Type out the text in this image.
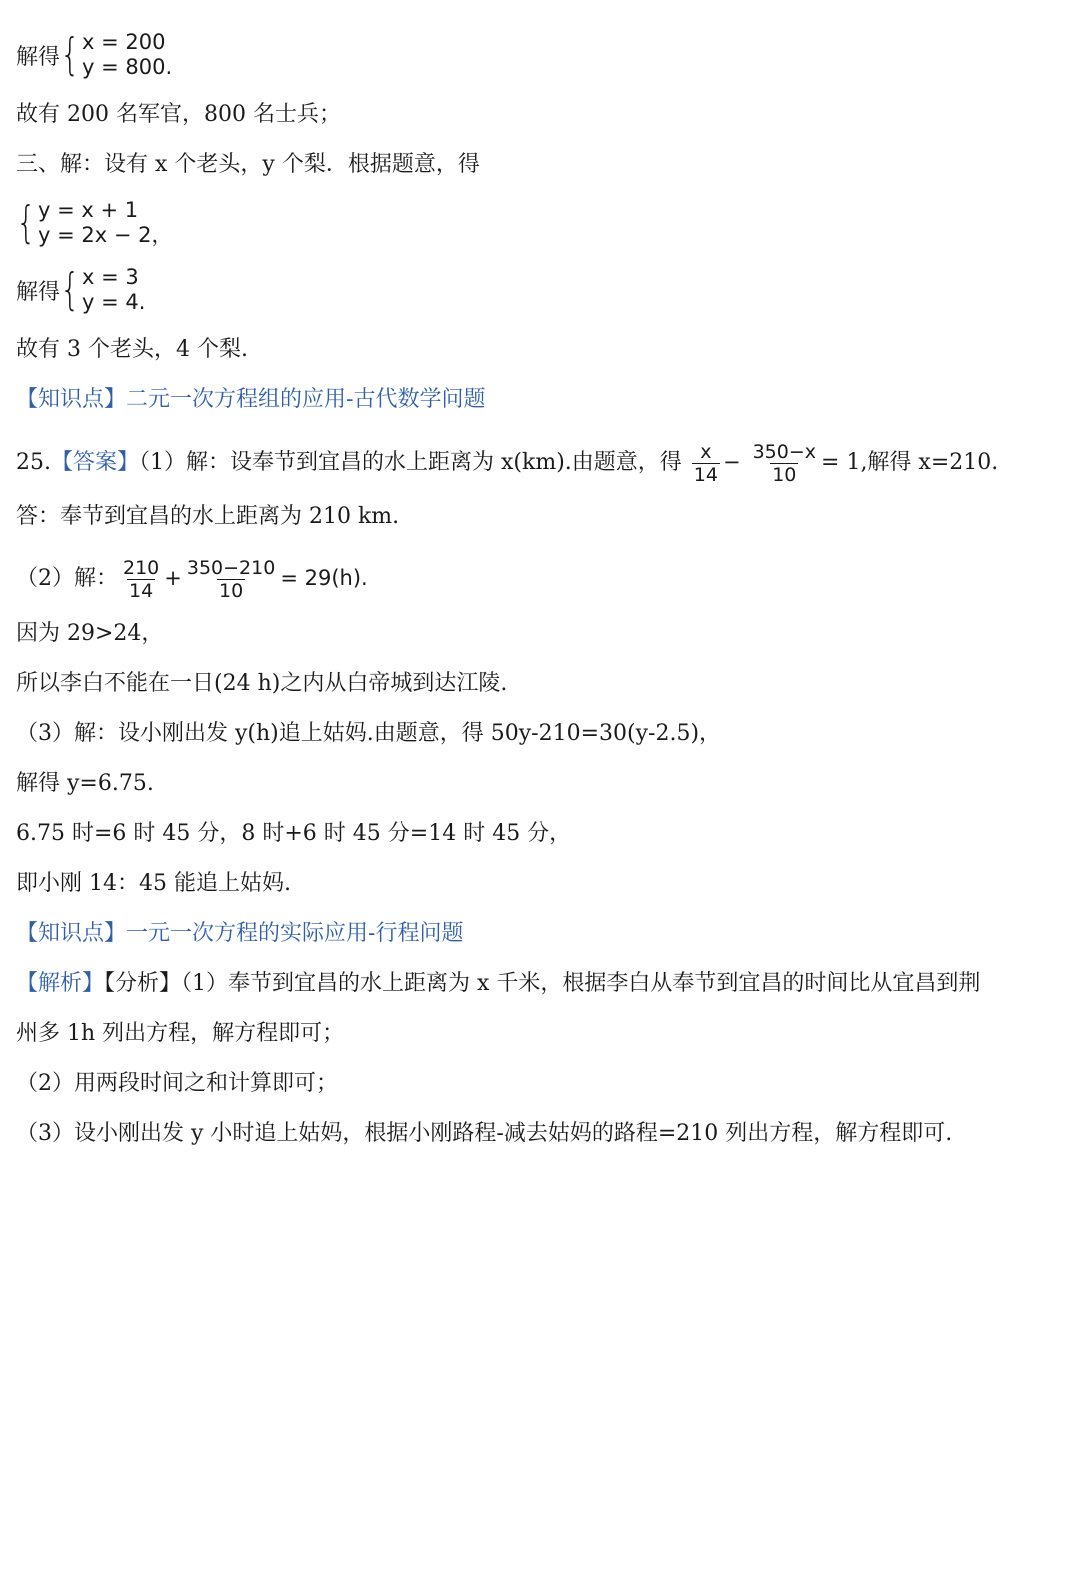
解得 { x = 200
y = 800.
故有 200 名军官，800 名士兵；
三、解：设有 x 个老头，y 个梨．根据题意，得
{ y = x + 1
y = 2x − 2，
解得 { x = 3
y = 4.
故有 3 个老头，4 个梨.
【知识点】二元一次方程组的应用-古代数学问题
25.【答案】（1）解：设奉节到宜昌的水上距离为 x(km).由题意，得 $\frac{x}{14} - \frac{350-x}{10} = 1$,解得 x=210.
答：奉节到宜昌的水上距离为 210 km.
（2）解： $\frac{210}{14} + \frac{350-210}{10} = 29(h)$.
因为 29>24，
所以李白不能在一日(24 h)之内从白帝城到达江陵.
（3）解：设小刚出发 y(h)追上姑妈.由题意，得 50y-210=30(y-2.5)，
解得 y=6.75.
6.75 时=6 时 45 分，8 时+6 时 45 分=14 时 45 分，
即小刚 14：45 能追上姑妈.
【知识点】一元一次方程的实际应用-行程问题
【解析】【分析】（1）奉节到宜昌的水上距离为 x 千米，根据李白从奉节到宜昌的时间比从宜昌到荆
州多 1h 列出方程，解方程即可；
（2）用两段时间之和计算即可；
（3）设小刚出发 y 小时追上姑妈，根据小刚路程-减去姑妈的路程=210 列出方程，解方程即可.
